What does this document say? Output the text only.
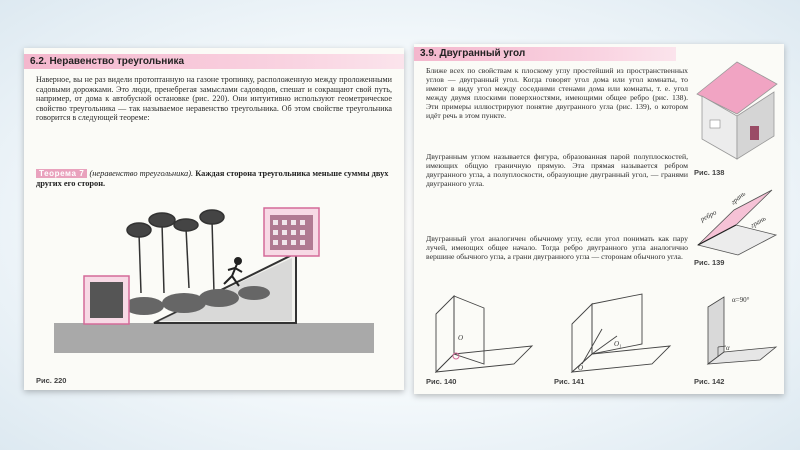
6.2. Неравенство треугольника
Наверное, вы не раз видели протоптанную на газоне тропинку, расположенную между проложенными садовыми дорожками. Это люди, пренебрегая замыслами садоводов, спешат и сокращают свой путь, например, от дома к автобусной остановке (рис. 220). Они интуитивно используют геометрическое свойство треугольника — так называемое неравенство треугольника. Об этом свойстве треугольника говорится в следующей теореме:
Теорема 7 (неравенство треугольника). Каждая сторона треугольника меньше суммы двух других его сторон.
Рис. 220
3.9. Двугранный угол
Ближе всех по свойствам к плоскому углу простейший из пространственных углов — двугранный угол. Когда говорят угол дома или угол комнаты, то имеют в виду угол между соседними стенами дома или комнаты, т. е. угол между двумя плоскими поверхностями, имеющими общее ребро (рис. 138). Эти примеры иллюстрируют понятие двугранного угла (рис. 139), о котором идёт речь в этом пункте.
Двугранным углом называется фигура, образованная парой полуплоскостей, имеющих общую граничную прямую. Эта прямая называется ребром двугранного угла, а полуплоскости, образующие двугранный угол, — гранями двугранного угла.
Двугранный угол аналогичен обычному углу, если угол понимать как пару лучей, имеющих общее начало. Тогда ребро двугранного угла аналогично вершине обычного угла, а грани двугранного угла — сторонам обычного угла.
Рис. 138
ребро
грань
грань
Рис. 139
O
Рис. 140
O
O₁
Рис. 141
α=90°
α
Рис. 142
